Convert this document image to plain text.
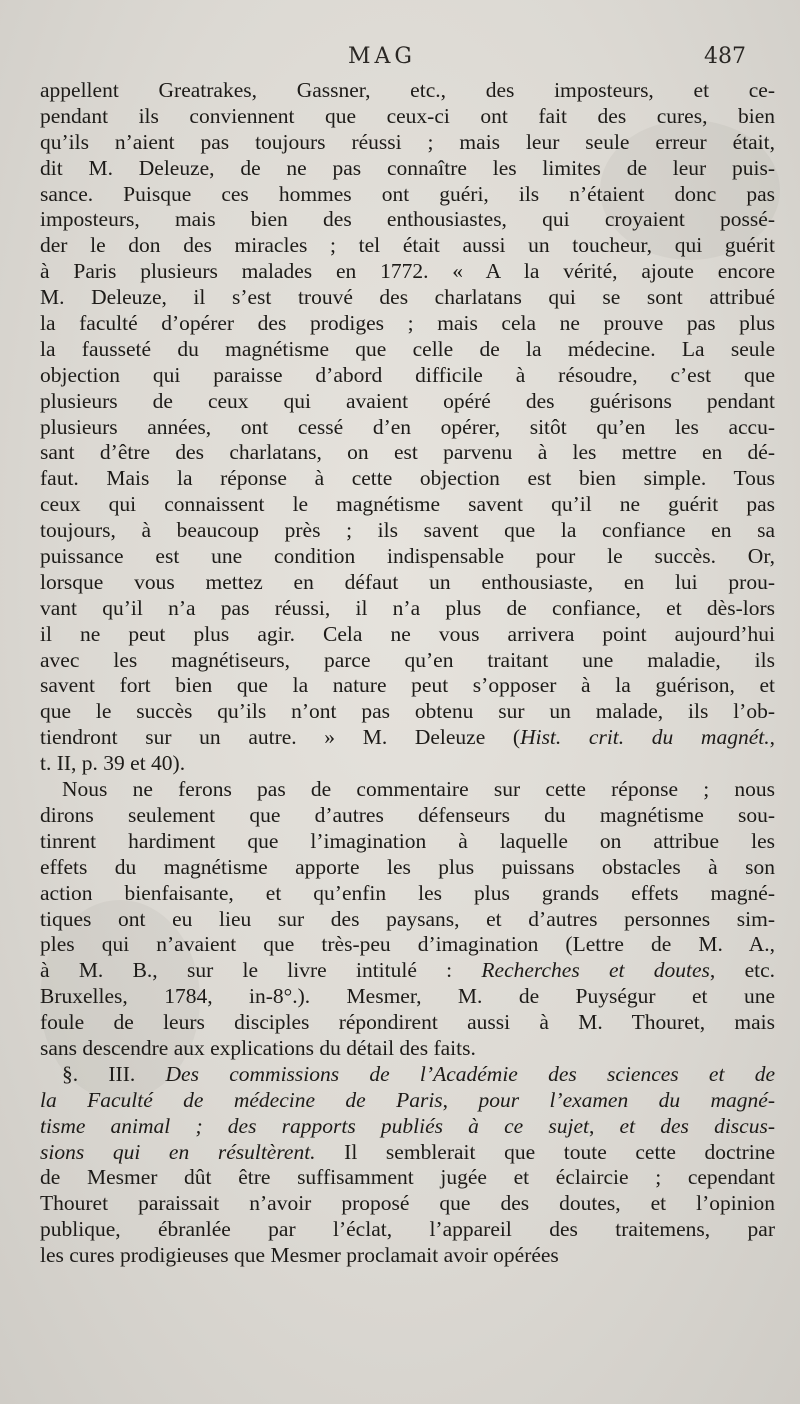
MAG	487
appellent Greatrakes, Gassner, etc., des imposteurs, et ce-
pendant ils conviennent que ceux-ci ont fait des cures, bien
qu’ils n’aient pas toujours réussi ; mais leur seule erreur était,
dit M. Deleuze, de ne pas connaître les limites de leur puis-
sance. Puisque ces hommes ont guéri, ils n’étaient donc pas
imposteurs, mais bien des enthousiastes, qui croyaient possé-
der le don des miracles ; tel était aussi un toucheur, qui guérit
à Paris plusieurs malades en 1772. « A la vérité, ajoute encore
M. Deleuze, il s’est trouvé des charlatans qui se sont attribué
la faculté d’opérer des prodiges ; mais cela ne prouve pas plus
la fausseté du magnétisme que celle de la médecine. La seule
objection qui paraisse d’abord difficile à résoudre, c’est que
plusieurs de ceux qui avaient opéré des guérisons pendant
plusieurs années, ont cessé d’en opérer, sitôt qu’en les accu-
sant d’être des charlatans, on est parvenu à les mettre en dé-
faut. Mais la réponse à cette objection est bien simple. Tous
ceux qui connaissent le magnétisme savent qu’il ne guérit pas
toujours, à beaucoup près ; ils savent que la confiance en sa
puissance est une condition indispensable pour le succès. Or,
lorsque vous mettez en défaut un enthousiaste, en lui prou-
vant qu’il n’a pas réussi, il n’a plus de confiance, et dès-lors
il ne peut plus agir. Cela ne vous arrivera point aujourd’hui
avec les magnétiseurs, parce qu’en traitant une maladie, ils
savent fort bien que la nature peut s’opposer à la guérison, et
que le succès qu’ils n’ont pas obtenu sur un malade, ils l’ob-
tiendront sur un autre. » M. Deleuze (Hist. crit. du magnét.,
t. II, p. 39 et 40).
Nous ne ferons pas de commentaire sur cette réponse ; nous
dirons seulement que d’autres défenseurs du magnétisme sou-
tinrent hardiment que l’imagination à laquelle on attribue les
effets du magnétisme apporte les plus puissans obstacles à son
action bienfaisante, et qu’enfin les plus grands effets magné-
tiques ont eu lieu sur des paysans, et d’autres personnes sim-
ples qui n’avaient que très-peu d’imagination (Lettre de M. A.,
à M. B., sur le livre intitulé : Recherches et doutes, etc.
Bruxelles, 1784, in-8°.). Mesmer, M. de Puységur et une
foule de leurs disciples répondirent aussi à M. Thouret, mais
sans descendre aux explications du détail des faits.
§. III. Des commissions de l’Académie des sciences et de
la Faculté de médecine de Paris, pour l’examen du magné-
tisme animal ; des rapports publiés à ce sujet, et des discus-
sions qui en résultèrent. Il semblerait que toute cette doctrine
de Mesmer dût être suffisamment jugée et éclaircie ; cependant
Thouret paraissait n’avoir proposé que des doutes, et l’opinion
publique, ébranlée par l’éclat, l’appareil des traitemens, par
les cures prodigieuses que Mesmer proclamait avoir opérées
